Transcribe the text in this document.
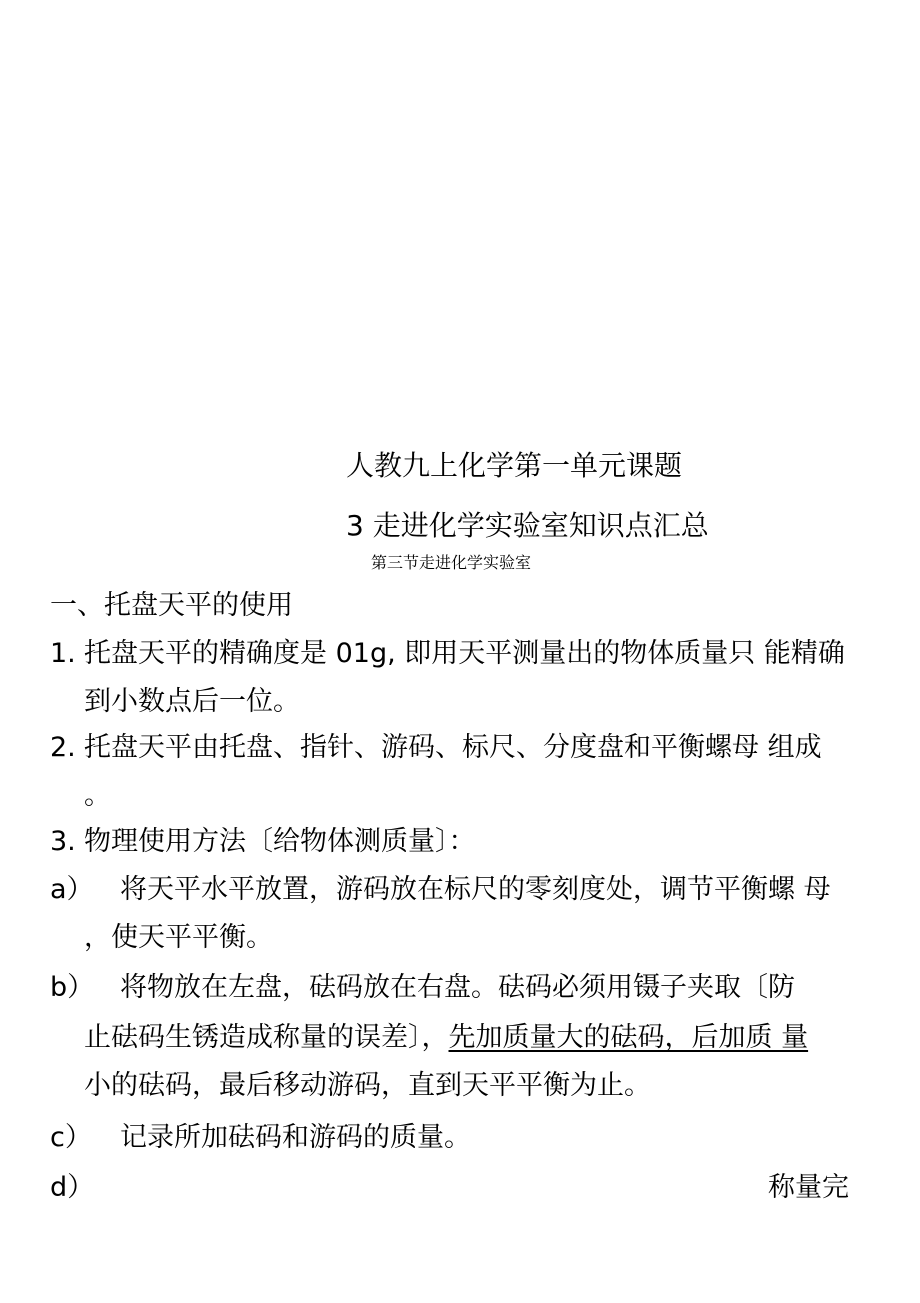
人教九上化学第一单元课题
3 走进化学实验室知识点汇总
第三节走进化学实验室
一、托盘天平的使用
1. 托盘天平的精确度是 01g, 即用天平测量出的物体质量只 能精确
到小数点后一位。
2. 托盘天平由托盘、指针、游码、标尺、分度盘和平衡螺母 组成
。
3. 物理使用方法〔给物体测质量〕：
a） 将天平水平放置，游码放在标尺的零刻度处，调节平衡螺 母
，使天平平衡。
b） 将物放在左盘，砝码放在右盘。砝码必须用镊子夹取〔防
止砝码生锈造成称量的误差〕，先加质量大的砝码，后加质 量
小的砝码，最后移动游码，直到天平平衡为止。
c） 记录所加砝码和游码的质量。
d）	称量完
